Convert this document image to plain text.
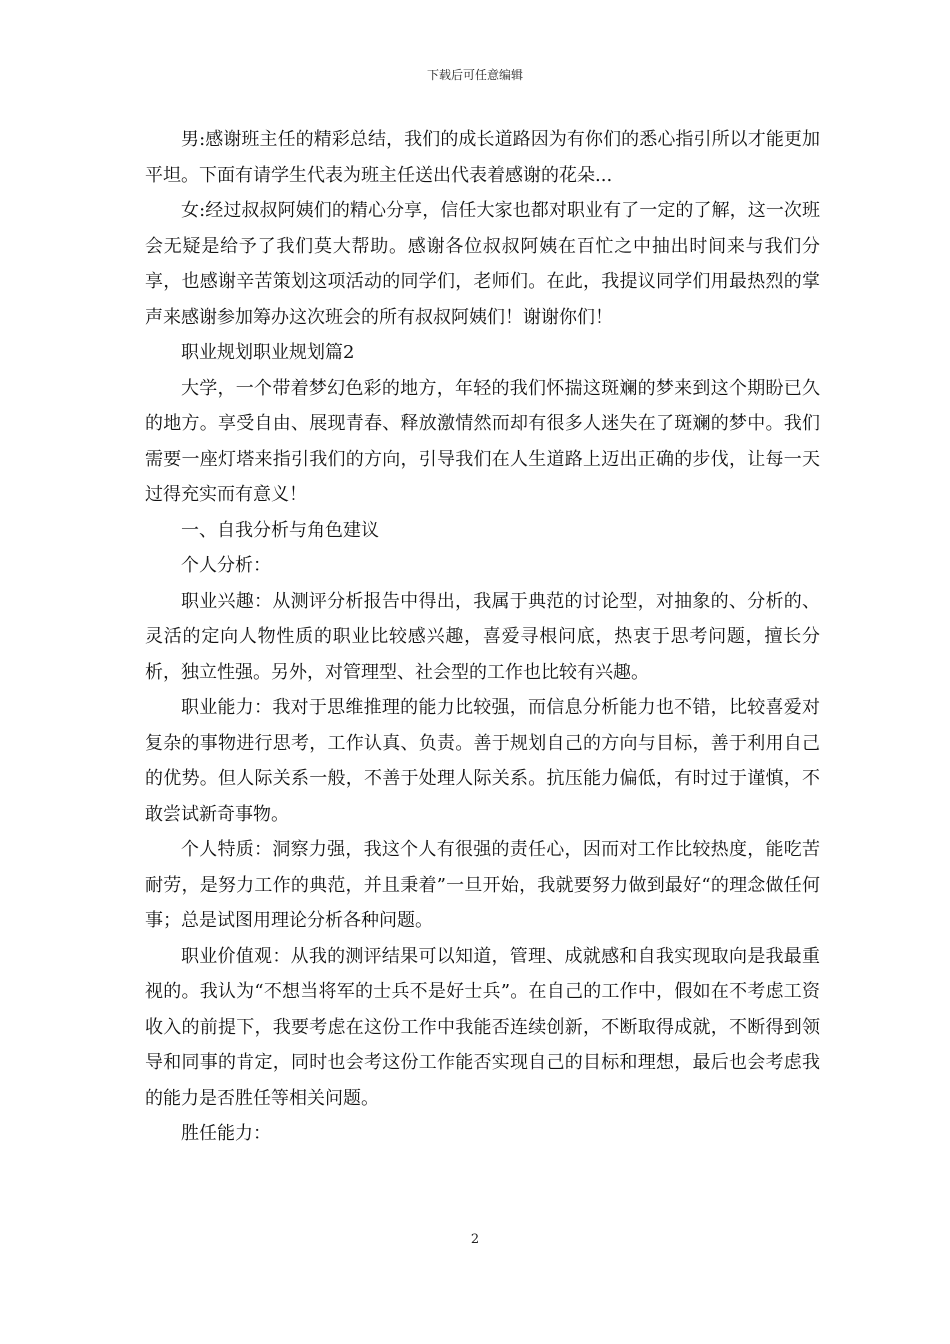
下载后可任意编辑

男:感谢班主任的精彩总结，我们的成长道路因为有你们的悉心指引所以才能更加平坦。下面有请学生代表为班主任送出代表着感谢的花朵...

女:经过叔叔阿姨们的精心分享，信任大家也都对职业有了一定的了解，这一次班会无疑是给予了我们莫大帮助。感谢各位叔叔阿姨在百忙之中抽出时间来与我们分享，也感谢辛苦策划这项活动的同学们，老师们。在此，我提议同学们用最热烈的掌声来感谢参加筹办这次班会的所有叔叔阿姨们！谢谢你们！

职业规划职业规划篇2

大学，一个带着梦幻色彩的地方，年轻的我们怀揣这斑斓的梦来到这个期盼已久的地方。享受自由、展现青春、释放激情然而却有很多人迷失在了斑斓的梦中。我们需要一座灯塔来指引我们的方向，引导我们在人生道路上迈出正确的步伐，让每一天过得充实而有意义！

一、自我分析与角色建议

个人分析：

职业兴趣：从测评分析报告中得出，我属于典范的讨论型，对抽象的、分析的、灵活的定向人物性质的职业比较感兴趣，喜爱寻根问底，热衷于思考问题，擅长分析，独立性强。另外，对管理型、社会型的工作也比较有兴趣。

职业能力：我对于思维推理的能力比较强，而信息分析能力也不错，比较喜爱对复杂的事物进行思考，工作认真、负责。善于规划自己的方向与目标，善于利用自己的优势。但人际关系一般，不善于处理人际关系。抗压能力偏低，有时过于谨慎，不敢尝试新奇事物。

个人特质：洞察力强，我这个人有很强的责任心，因而对工作比较热度，能吃苦耐劳，是努力工作的典范，并且秉着”一旦开始，我就要努力做到最好“的理念做任何事；总是试图用理论分析各种问题。

职业价值观：从我的测评结果可以知道，管理、成就感和自我实现取向是我最重视的。我认为“不想当将军的士兵不是好士兵”。在自己的工作中，假如在不考虑工资收入的前提下，我要考虑在这份工作中我能否连续创新，不断取得成就，不断得到领导和同事的肯定，同时也会考这份工作能否实现自己的目标和理想，最后也会考虑我的能力是否胜任等相关问题。

胜任能力：

2
